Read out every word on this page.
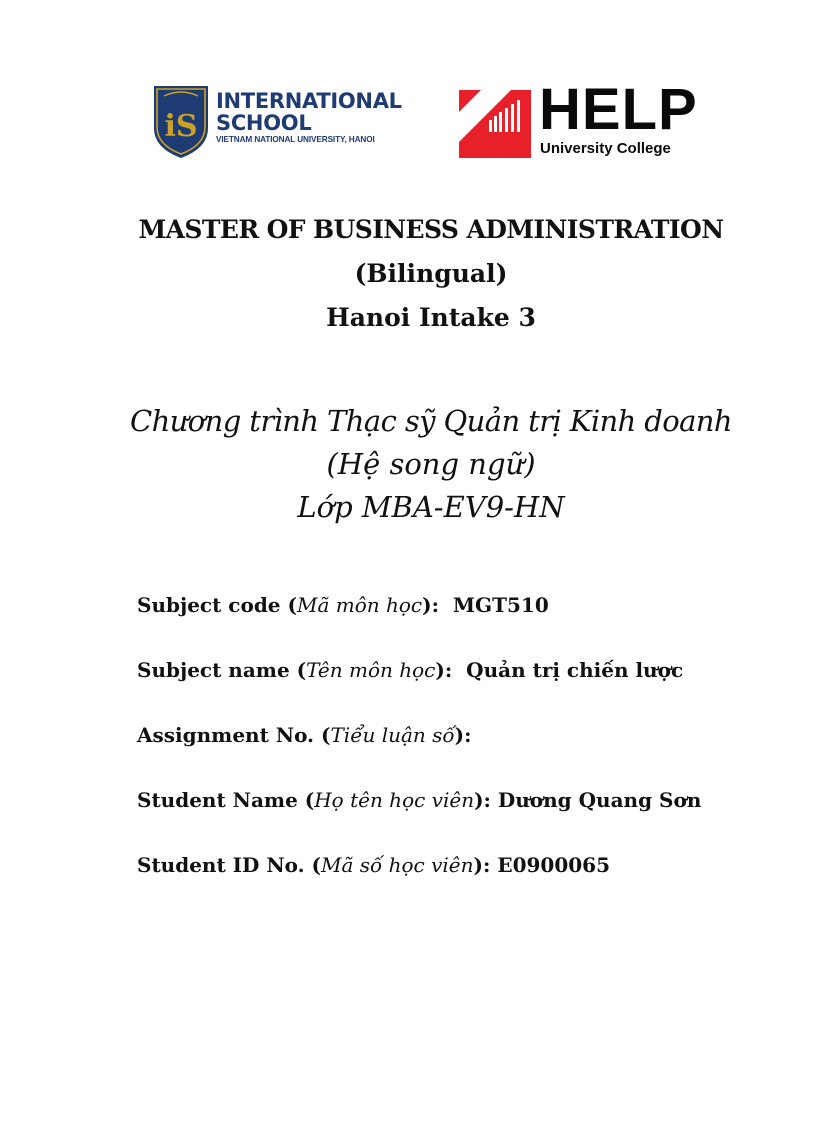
iS
INTERNATIONAL
SCHOOL
VIETNAM NATIONAL UNIVERSITY, HANOI	HELP
University College
MASTER OF BUSINESS ADMINISTRATION
(Bilingual)
Hanoi Intake 3
Chương trình Thạc sỹ Quản trị Kinh doanh
(Hệ song ngữ)
Lớp MBA-EV9-HN
Subject code (Mã môn học): MGT510
Subject name (Tên môn học): Quản trị chiến lược
Assignment No. (Tiểu luận số):
Student Name (Họ tên học viên): Dương Quang Sơn
Student ID No. (Mã số học viên): E0900065
